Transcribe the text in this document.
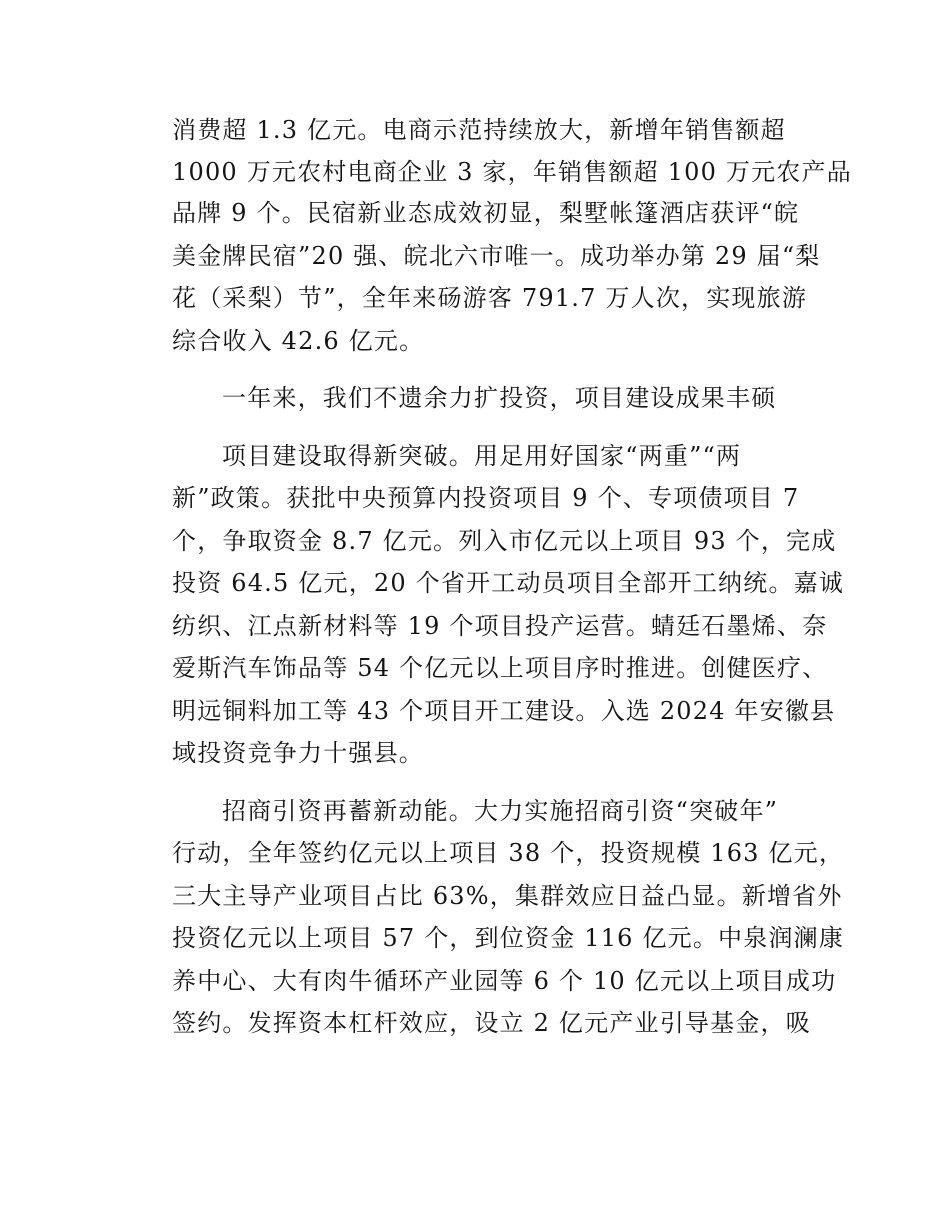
消费超 1.3 亿元。电商示范持续放大，新增年销售额超
1000 万元农村电商企业 3 家，年销售额超 100 万元农产品
品牌 9 个。民宿新业态成效初显，梨墅帐篷酒店获评“皖
美金牌民宿”20 强、皖北六市唯一。成功举办第 29 届“梨
花（采梨）节”，全年来砀游客 791.7 万人次，实现旅游
综合收入 42.6 亿元。
一年来，我们不遗余力扩投资，项目建设成果丰硕
项目建设取得新突破。用足用好国家“两重”“两
新”政策。获批中央预算内投资项目 9 个、专项债项目 7
个，争取资金 8.7 亿元。列入市亿元以上项目 93 个，完成
投资 64.5 亿元，20 个省开工动员项目全部开工纳统。嘉诚
纺织、江点新材料等 19 个项目投产运营。蜻廷石墨烯、奈
爱斯汽车饰品等 54 个亿元以上项目序时推进。创健医疗、
明远铜料加工等 43 个项目开工建设。入选 2024 年安徽县
域投资竞争力十强县。
招商引资再蓄新动能。大力实施招商引资“突破年”
行动，全年签约亿元以上项目 38 个，投资规模 163 亿元，
三大主导产业项目占比 63%，集群效应日益凸显。新增省外
投资亿元以上项目 57 个，到位资金 116 亿元。中泉润澜康
养中心、大有肉牛循环产业园等 6 个 10 亿元以上项目成功
签约。发挥资本杠杆效应，设立 2 亿元产业引导基金，吸
